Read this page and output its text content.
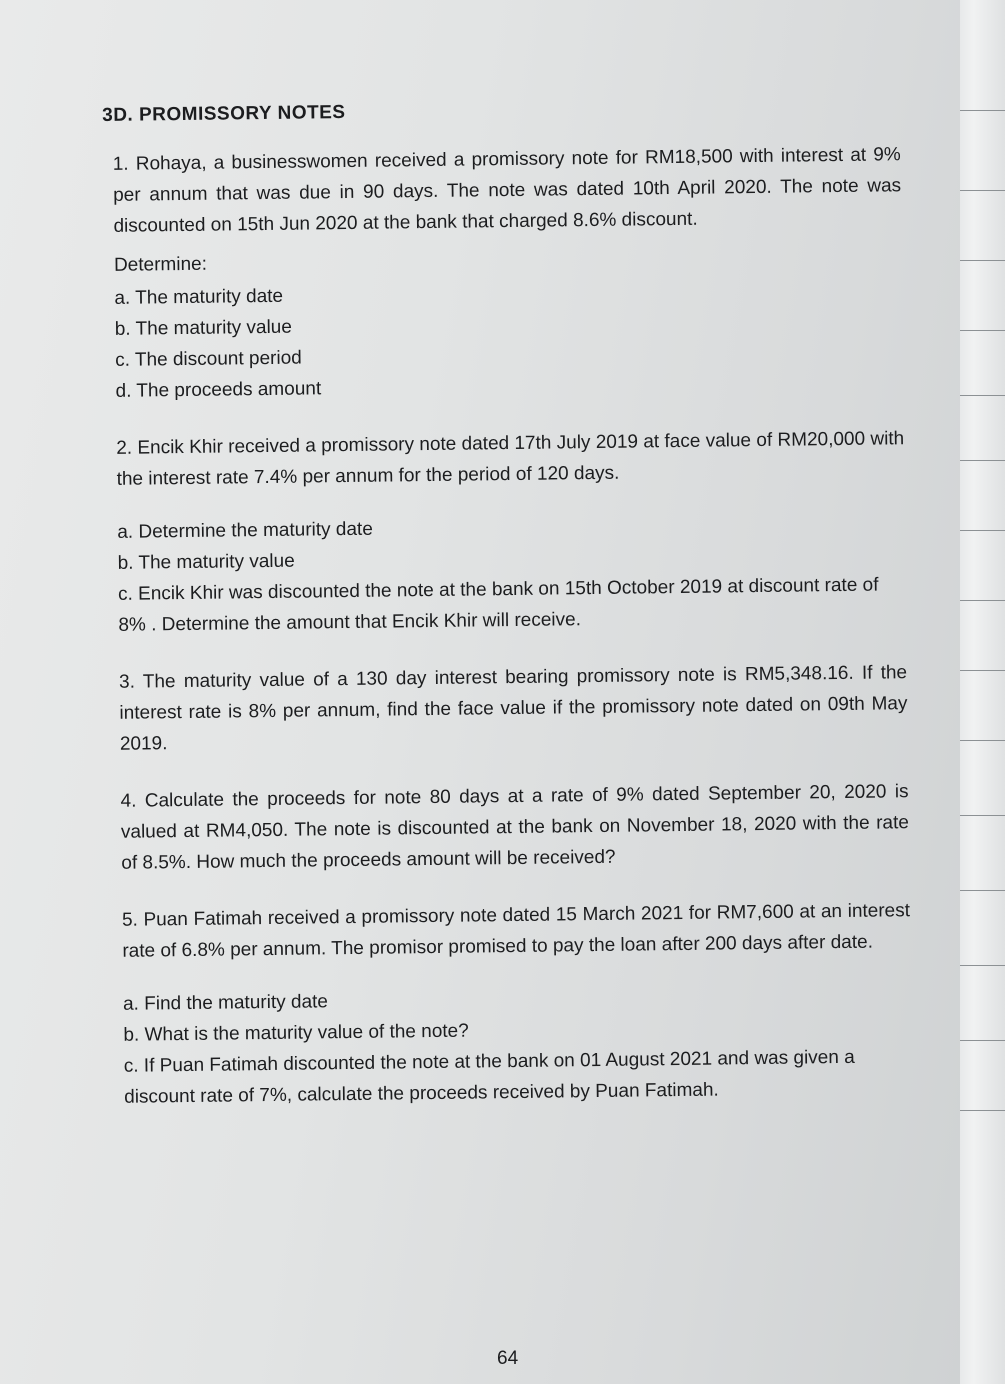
3D. PROMISSORY NOTES
1. Rohaya, a businesswomen received a promissory note for RM18,500 with interest at 9% per annum that was due in 90 days. The note was dated 10th April 2020. The note was discounted on 15th Jun 2020 at the bank that charged 8.6% discount.
Determine:
a. The maturity date
b. The maturity value
c. The discount period
d. The proceeds amount
2. Encik Khir received a promissory note dated 17th July 2019 at face value of RM20,000 with the interest rate 7.4% per annum for the period of 120 days.
a. Determine the maturity date
b. The maturity value
c. Encik Khir was discounted the note at the bank on 15th October 2019 at discount rate of 8% . Determine the amount that Encik Khir will receive.
3. The maturity value of a 130 day interest bearing promissory note is RM5,348.16. If the interest rate is 8% per annum, find the face value if the promissory note dated on 09th May 2019.
4. Calculate the proceeds for note 80 days at a rate of 9% dated September 20, 2020 is valued at RM4,050. The note is discounted at the bank on November 18, 2020 with the rate of 8.5%. How much the proceeds amount will be received?
5. Puan Fatimah received a promissory note dated 15 March 2021 for RM7,600 at an interest rate of 6.8% per annum. The promisor promised to pay the loan after 200 days after date.
a. Find the maturity date
b. What is the maturity value of the note?
c. If Puan Fatimah discounted the note at the bank on 01 August 2021 and was given a discount rate of 7%, calculate the proceeds received by Puan Fatimah.
64
